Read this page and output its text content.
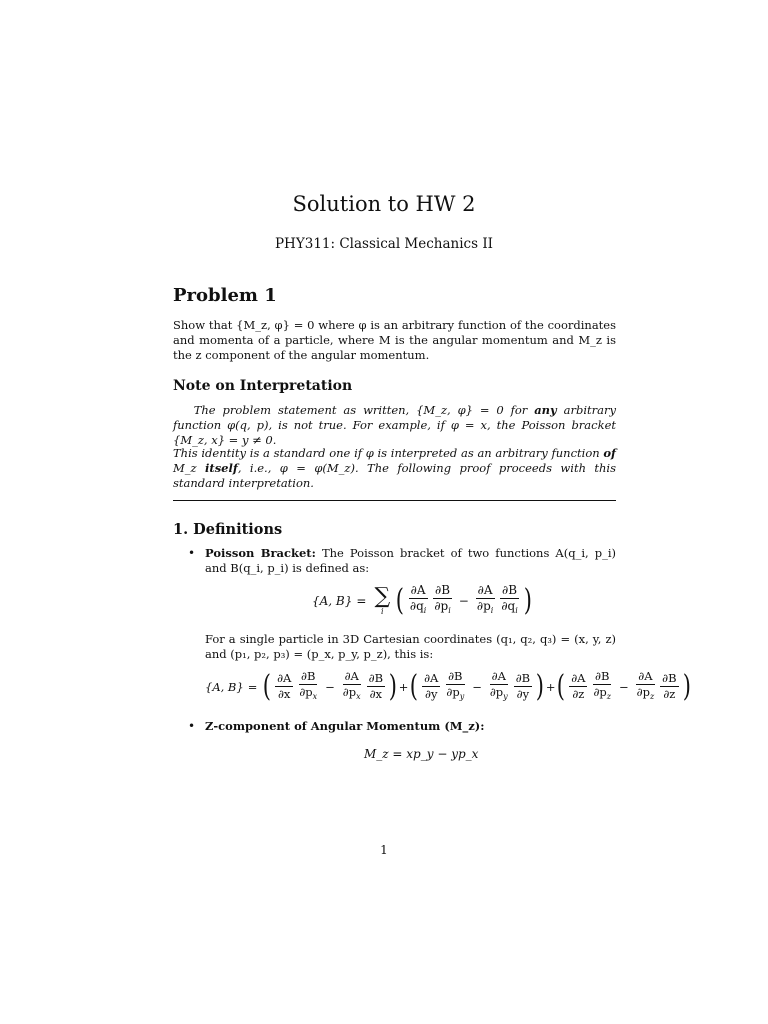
Solution to HW 2
PHY311: Classical Mechanics II
Problem 1
Show that {M_z, φ} = 0 where φ is an arbitrary function of the coordinates and momenta of a particle, where M is the angular momentum and M_z is the z component of the angular momentum.
Note on Interpretation
The problem statement as written, {M_z, φ} = 0 for any arbitrary function φ(q, p), is not true. For example, if φ = x, the Poisson bracket {M_z, x} = y ≠ 0.
This identity is a standard one if φ is interpreted as an arbitrary function of M_z itself, i.e., φ = φ(M_z). The following proof proceeds with this standard interpretation.
1. Definitions
• Poisson Bracket: The Poisson bracket of two functions A(q_i, p_i) and B(q_i, p_i) is defined as:
{A, B} = ∑
i ( $\frac{\partial A}{\partial q_i} \frac{\partial B}{\partial p_i} - \frac{\partial A}{\partial p_i} \frac{\partial B}{\partial q_i}$ )
For a single particle in 3D Cartesian coordinates (q₁, q₂, q₃) = (x, y, z) and (p₁, p₂, p₃) = (p_x, p_y, p_z), this is:
{A, B} = ( $\frac{\partial A}{\partial x} \frac{\partial B}{\partial p_x} - \frac{\partial A}{\partial p_x} \frac{\partial B}{\partial x}$ ) + ( $\frac{\partial A}{\partial y} \frac{\partial B}{\partial p_y} - \frac{\partial A}{\partial p_y} \frac{\partial B}{\partial y}$ ) + ( $\frac{\partial A}{\partial z} \frac{\partial B}{\partial p_z} - \frac{\partial A}{\partial p_z} \frac{\partial B}{\partial z}$ )
• Z-component of Angular Momentum (M_z):
M_z = xp_y − yp_x
1
